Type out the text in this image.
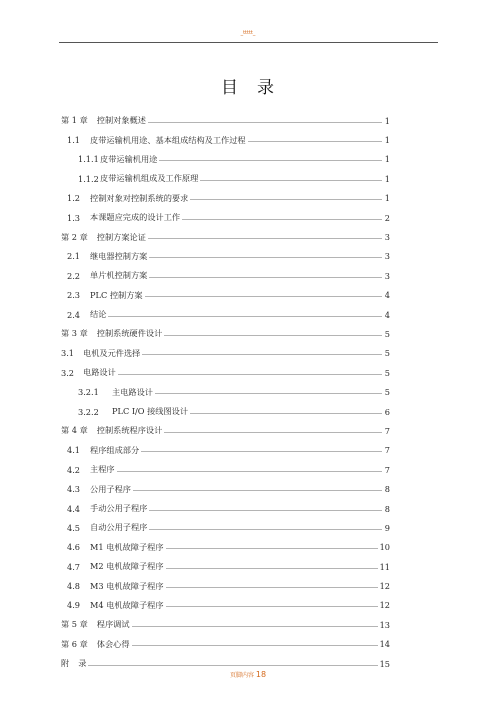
_ttttt_
目 录
第 1 章 控制对象概述	1
1.1	皮带运输机用途、基本组成结构及工作过程	1
1.1.1 皮带运输机用途	1
1.1.2 皮带运输机组成及工作原理	1
1.2	控制对象对控制系统的要求	1
1.3	本课题应完成的设计工作	2
第 2 章 控制方案论证	3
2.1	继电器控制方案	3
2.2	单片机控制方案	3
2.3	PLC 控制方案	4
2.4	结论	4
第 3 章 控制系统硬件设计	5
3.1 电机及元件选择	5
3.2 电路设计	5
3.2.1	主电路设计	5
3.2.2	PLC I/O 接线图设计	6
第 4 章 控制系统程序设计	7
4.1	程序组成部分	7
4.2	主程序	7
4.3	公用子程序	8
4.4	手动公用子程序	8
4.5	自动公用子程序	9
4.6	M1 电机故障子程序	10
4.7	M2 电机故障子程序	11
4.8	M3 电机故障子程序	12
4.9	M4 电机故障子程序	12
第 5 章 程序调试	13
第 6 章 体会心得	14
附 录	15
页脚内容 18
